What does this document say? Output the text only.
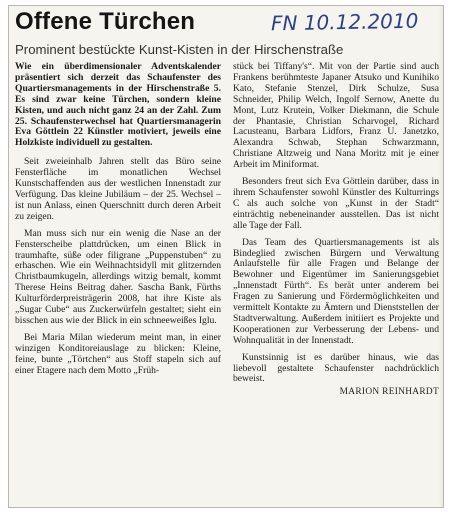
Offene Türchen	FN 10.12.2010
Prominent bestückte Kunst-Kisten in der Hirschenstraße
Wie ein überdimensionaler Adventskalender präsentiert sich derzeit das Schaufenster des Quartiersmanagements in der Hirschenstraße 5. Es sind zwar keine Türchen, sondern kleine Kisten, und auch nicht ganz 24 an der Zahl. Zum 25. Schaufensterwechsel hat Quartiersmanagerin Eva Göttlein 22 Künstler motiviert, jeweils eine Holzkiste individuell zu gestalten.

Seit zweieinhalb Jahren stellt das Büro seine Fensterfläche im monatlichen Wechsel Kunstschaffenden aus der westlichen Innenstadt zur Verfügung. Das kleine Jubiläum – der 25. Wechsel – ist nun Anlass, einen Querschnitt durch deren Arbeit zu zeigen.

Man muss sich nur ein wenig die Nase an der Fensterscheibe plattdrücken, um einen Blick in traumhafte, süße oder filigrane „Puppenstuben“ zu erhaschen. Wie ein Weihnachtsidyll mit glitzernden Christbaumkugeln, allerdings witzig bemalt, kommt Therese Heins Beitrag daher. Sascha Bank, Fürths Kulturförderpreisträgerin 2008, hat ihre Kiste als „Sugar Cube“ aus Zuckerwürfeln gestaltet; sieht ein bisschen aus wie der Blick in ein schneeweißes Iglu.

Bei Maria Milan wiederum meint man, in einer winzigen Konditoreiauslage zu blicken: Kleine, feine, bunte „Törtchen“ aus Stoff stapeln sich auf einer Etagere nach dem Motto „Früh-

stück bei Tiffany's“. Mit von der Partie sind auch Frankens berühmteste Japaner Atsuko und Kunihiko Kato, Stefanie Stenzel, Dirk Schulze, Susa Schneider, Philip Welch, Ingolf Sernow, Anette du Mont, Lutz Krutein, Volker Diekmann, die Schule der Phantasie, Christian Scharvogel, Richard Lacusteanu, Barbara Lidfors, Franz U. Janetzko, Alexandra Schwab, Stephan Schwarzmann, Christiane Altzweig und Nana Moritz mit je einer Arbeit im Miniformat.

Besonders freut sich Eva Göttlein darüber, dass in ihrem Schaufenster sowohl Künstler des Kulturrings C als auch solche von „Kunst in der Stadt“ einträchtig nebeneinander ausstellen. Das ist nicht alle Tage der Fall.

Das Team des Quartiersmanagements ist als Bindeglied zwischen Bürgern und Verwaltung Anlaufstelle für alle Fragen und Belange der Bewohner und Eigentümer im Sanierungsgebiet „Innenstadt Fürth“. Es berät unter anderem bei Fragen zu Sanierung und Fördermöglichkeiten und vermittelt Kontakte zu Ämtern und Dienststellen der Stadtverwaltung. Außerdem initiiert es Projekte und Kooperationen zur Verbesserung der Lebens- und Wohnqualität in der Innenstadt.

Kunstsinnig ist es darüber hinaus, wie das liebevoll gestaltete Schaufenster nachdrücklich beweist.

MARION REINHARDT
